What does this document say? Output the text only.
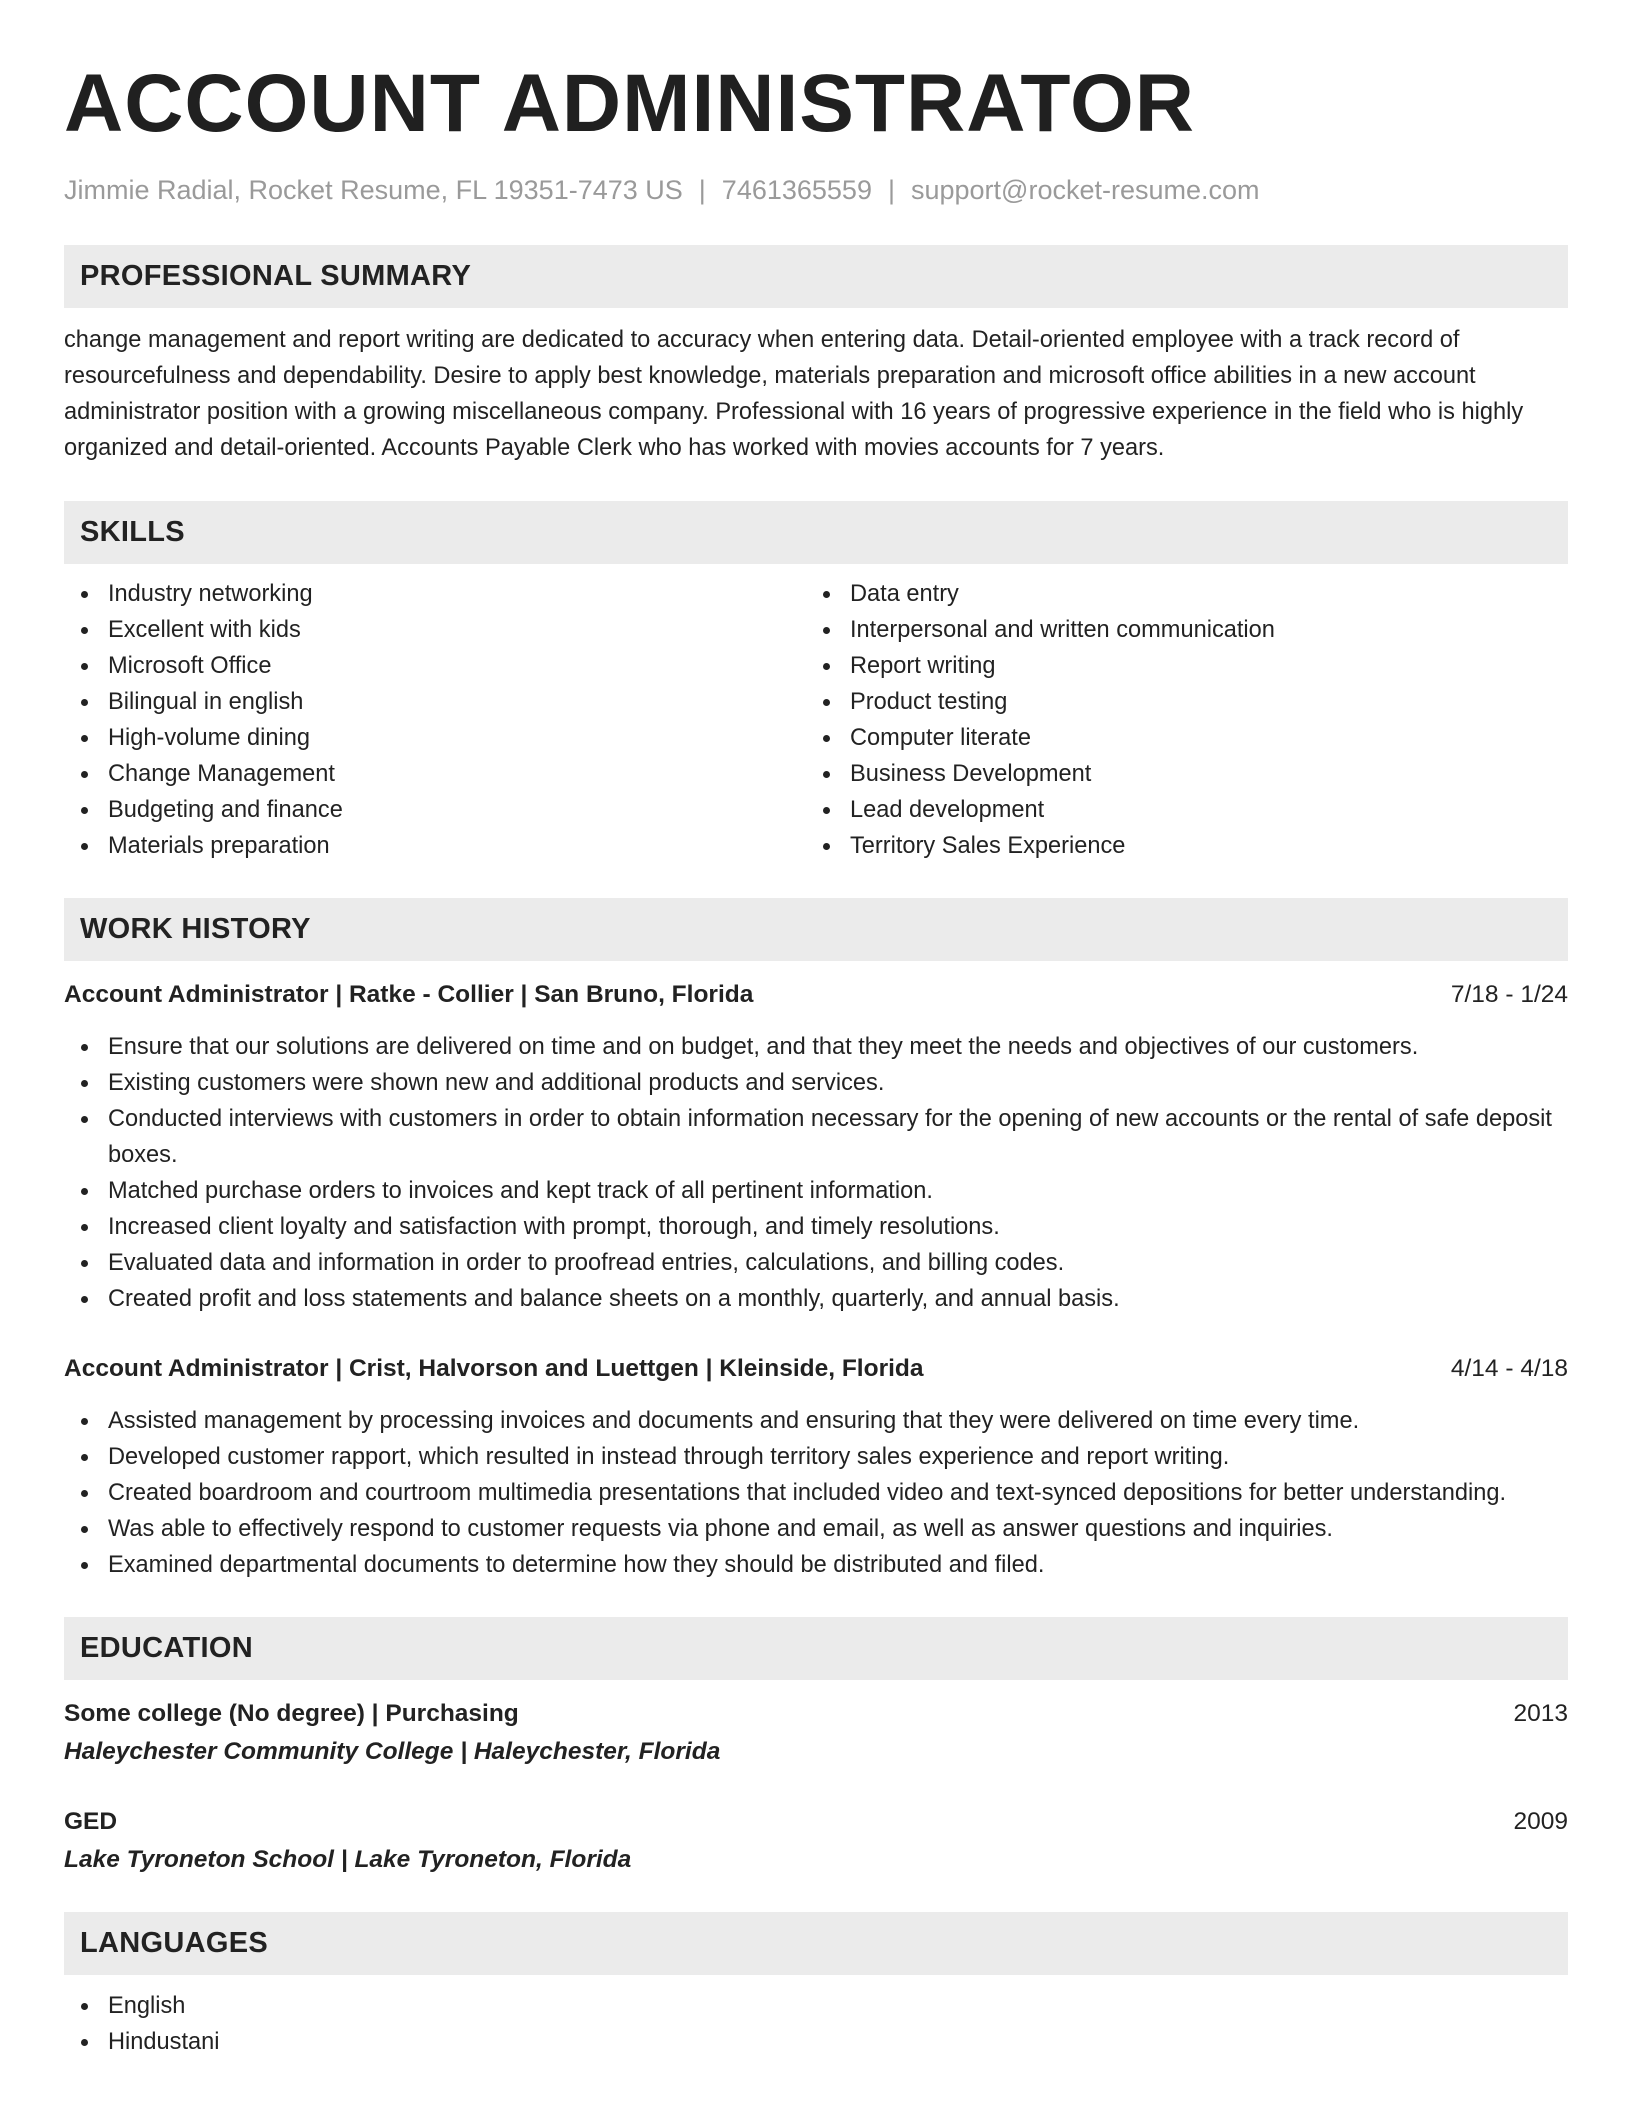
ACCOUNT ADMINISTRATOR
Jimmie Radial, Rocket Resume, FL 19351-7473 US | 7461365559 | support@rocket-resume.com
PROFESSIONAL SUMMARY
change management and report writing are dedicated to accuracy when entering data. Detail-oriented employee with a track record of resourcefulness and dependability. Desire to apply best knowledge, materials preparation and microsoft office abilities in a new account administrator position with a growing miscellaneous company. Professional with 16 years of progressive experience in the field who is highly organized and detail-oriented. Accounts Payable Clerk who has worked with movies accounts for 7 years.
SKILLS
Industry networking
Excellent with kids
Microsoft Office
Bilingual in english
High-volume dining
Change Management
Budgeting and finance
Materials preparation
Data entry
Interpersonal and written communication
Report writing
Product testing
Computer literate
Business Development
Lead development
Territory Sales Experience
WORK HISTORY
Account Administrator | Ratke - Collier | San Bruno, Florida	7/18 - 1/24
Ensure that our solutions are delivered on time and on budget, and that they meet the needs and objectives of our customers.
Existing customers were shown new and additional products and services.
Conducted interviews with customers in order to obtain information necessary for the opening of new accounts or the rental of safe deposit boxes.
Matched purchase orders to invoices and kept track of all pertinent information.
Increased client loyalty and satisfaction with prompt, thorough, and timely resolutions.
Evaluated data and information in order to proofread entries, calculations, and billing codes.
Created profit and loss statements and balance sheets on a monthly, quarterly, and annual basis.
Account Administrator | Crist, Halvorson and Luettgen | Kleinside, Florida	4/14 - 4/18
Assisted management by processing invoices and documents and ensuring that they were delivered on time every time.
Developed customer rapport, which resulted in instead through territory sales experience and report writing.
Created boardroom and courtroom multimedia presentations that included video and text-synced depositions for better understanding.
Was able to effectively respond to customer requests via phone and email, as well as answer questions and inquiries.
Examined departmental documents to determine how they should be distributed and filed.
EDUCATION
Some college (No degree) | Purchasing	2013
Haleychester Community College | Haleychester, Florida
GED	2009
Lake Tyroneton School | Lake Tyroneton, Florida
LANGUAGES
English
Hindustani
